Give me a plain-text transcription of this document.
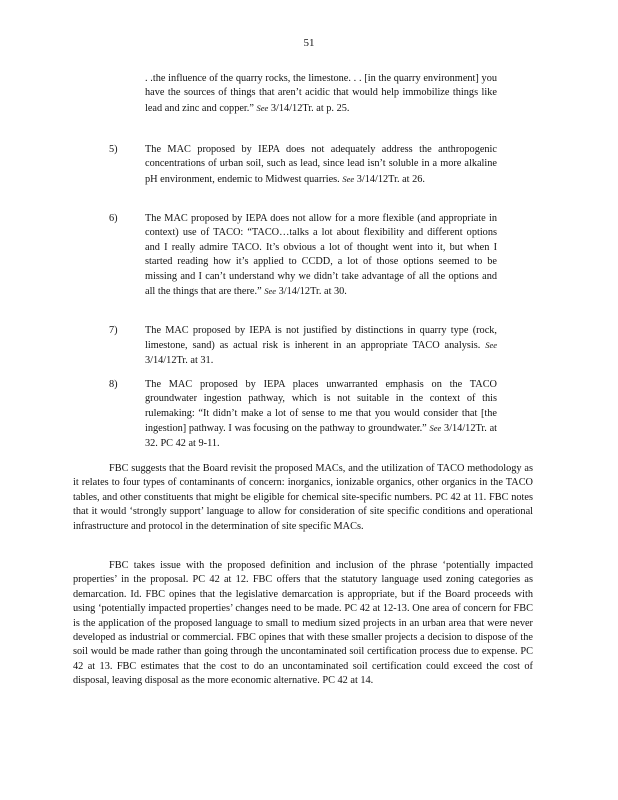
51
. .the influence of the quarry rocks, the limestone. . . [in the quarry environment] you have the sources of things that aren’t acidic that would help immobilize things like lead and zinc and copper.” See 3/14/12Tr. at p. 25.
5)	The MAC proposed by IEPA does not adequately address the anthropogenic concentrations of urban soil, such as lead, since lead isn’t soluble in a more alkaline pH environment, endemic to Midwest quarries. See 3/14/12Tr. at 26.
6)	The MAC proposed by IEPA does not allow for a more flexible (and appropriate in context) use of TACO: “TACO…talks a lot about flexibility and different options and I really admire TACO. It’s obvious a lot of thought went into it, but when I started reading how it’s applied to CCDD, a lot of those options seemed to be missing and I can’t understand why we didn’t take advantage of all the options and all the things that are there.” See 3/14/12Tr. at 30.
7)	The MAC proposed by IEPA is not justified by distinctions in quarry type (rock, limestone, sand) as actual risk is inherent in an appropriate TACO analysis. See 3/14/12Tr. at 31.
8)	The MAC proposed by IEPA places unwarranted emphasis on the TACO groundwater ingestion pathway, which is not suitable in the context of this rulemaking: “It didn’t make a lot of sense to me that you would consider that [the ingestion] pathway. I was focusing on the pathway to groundwater.” See 3/14/12Tr. at 32. PC 42 at 9-11.
FBC suggests that the Board revisit the proposed MACs, and the utilization of TACO methodology as it relates to four types of contaminants of concern: inorganics, ionizable organics, other organics in the TACO tables, and other constituents that might be eligible for chemical site-specific numbers. PC 42 at 11. FBC notes that it would ‘strongly support’ language to allow for consideration of site specific conditions and operational infrastructure and protocol in the determination of site specific MACs.
FBC takes issue with the proposed definition and inclusion of the phrase ‘potentially impacted properties’ in the proposal. PC 42 at 12. FBC offers that the statutory language used zoning categories as demarcation. Id. FBC opines that the legislative demarcation is appropriate, but if the Board proceeds with using ‘potentially impacted properties’ changes need to be made. PC 42 at 12-13. One area of concern for FBC is the application of the proposed language to small to medium sized projects in an urban area that were never developed as industrial or commercial. FBC opines that with these smaller projects a decision to dispose of the soil would be made rather than going through the uncontaminated soil certification process due to expense. PC 42 at 13. FBC estimates that the cost to do an uncontaminated soil certification could exceed the cost of disposal, leaving disposal as the more economic alternative. PC 42 at 14.
